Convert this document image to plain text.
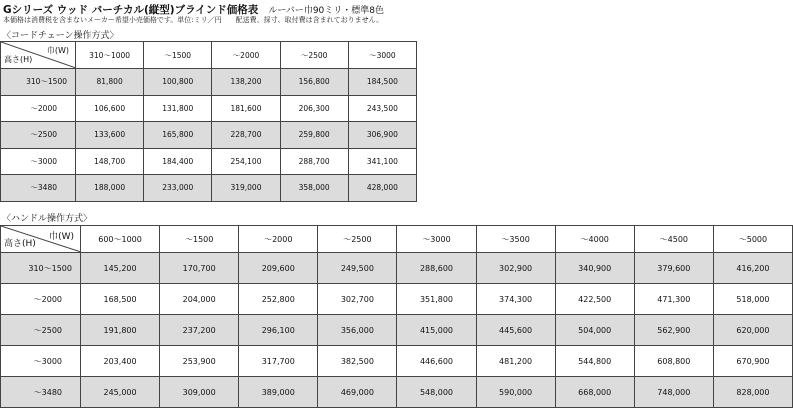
Gシリーズ ウッド バーチカル(縦型)ブラインド価格表 ルーバー巾90ミリ・標準8色
本価格は消費税を含まないメーカー希望小売価格です。単位:ミリ／円　　配送費、採寸、取付費は含まれておりません。
〈コードチェーン操作方式〉
巾(W)
高さ(H)	310～1000	～1500	～2000	～2500	～3000
310～1500	81,800	100,800	138,200	156,800	184,500
～2000	106,600	131,800	181,600	206,300	243,500
～2500	133,600	165,800	228,700	259,800	306,900
～3000	148,700	184,400	254,100	288,700	341,100
～3480	188,000	233,000	319,000	358,000	428,000
〈ハンドル操作方式〉
巾(W)
高さ(H)	600～1000	～1500	～2000	～2500	～3000	～3500	～4000	～4500	～5000
310～1500	145,200	170,700	209,600	249,500	288,600	302,900	340,900	379,600	416,200
～2000	168,500	204,000	252,800	302,700	351,800	374,300	422,500	471,300	518,000
～2500	191,800	237,200	296,100	356,000	415,000	445,600	504,000	562,900	620,000
～3000	203,400	253,900	317,700	382,500	446,600	481,200	544,800	608,800	670,900
～3480	245,000	309,000	389,000	469,000	548,000	590,000	668,000	748,000	828,000
